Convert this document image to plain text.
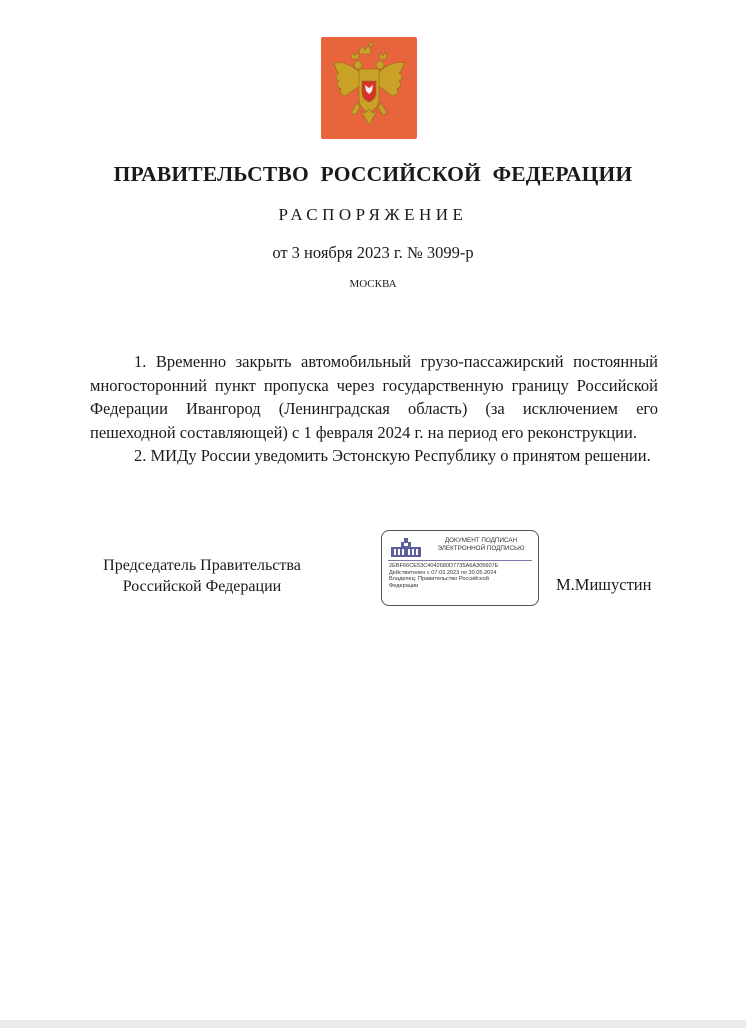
ПРАВИТЕЛЬСТВО РОССИЙСКОЙ ФЕДЕРАЦИИ
РАСПОРЯЖЕНИЕ
от 3 ноября 2023 г. № 3099-р
МОСКВА

1. Временно закрыть автомобильный грузо-пассажирский постоянный многосторонний пункт пропуска через государственную границу Российской Федерации Ивангород (Ленинградская область) (за исключением его пешеходной составляющей) с 1 февраля 2024 г. на период его реконструкции.

2. МИДу России уведомить Эстонскую Республику о принятом решении.

Председатель Правительства
Российской Федерации
ДОКУМЕНТ ПОДПИСАН
ЭЛЕКТРОННОЙ ПОДПИСЬЮ
2EBF66CE53C4042680D7735A6A305607E
Действителен с 07.03.2023 по 30.05.2024
Владелец: Правительство Российской
Федерации	М.Мишустин
